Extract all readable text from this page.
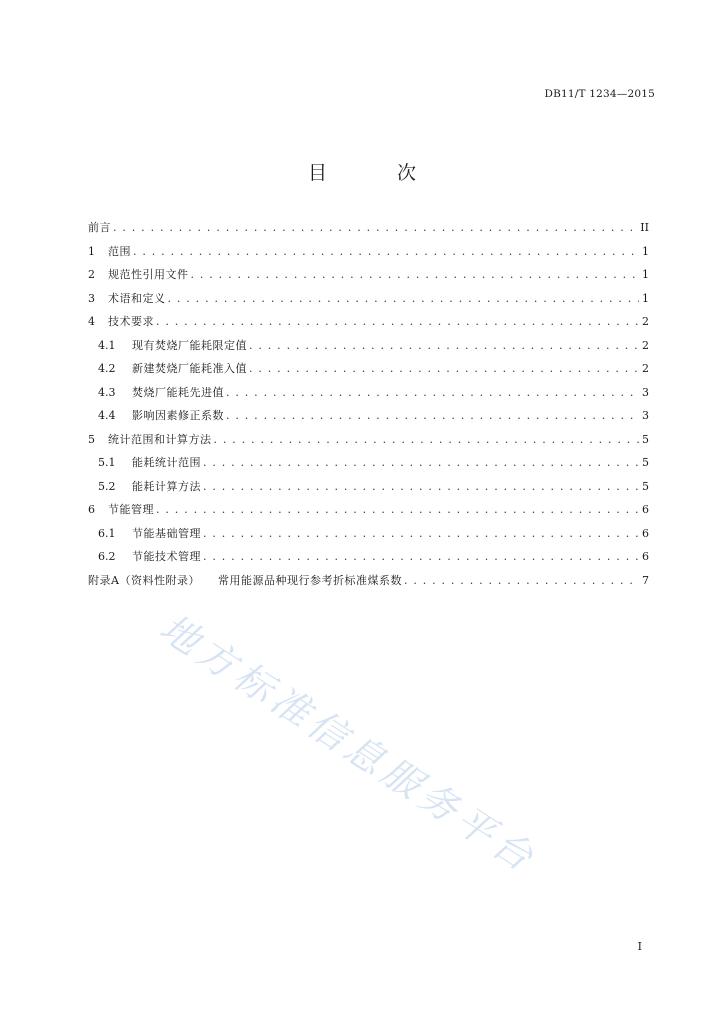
DB11/T 1234—2015
目 次
前言 . . .	II
1 范围 . . .	1
2 规范性引用文件 . . .	1
3 术语和定义 . . .	1
4 技术要求 . . .	2
4.1 现有焚烧厂能耗限定值 . . .	2
4.2 新建焚烧厂能耗准入值 . . .	2
4.3 焚烧厂能耗先进值 . . .	3
4.4 影响因素修正系数 . . .	3
5 统计范围和计算方法 . . .	5
5.1 能耗统计范围 . . .	5
5.2 能耗计算方法 . . .	5
6 节能管理 . . .	6
6.1 节能基础管理 . . .	6
6.2 节能技术管理 . . .	6
附录A（资料性附录） 常用能源品种现行参考折标准煤系数 . . .	7
地方标准信息服务平台
I
